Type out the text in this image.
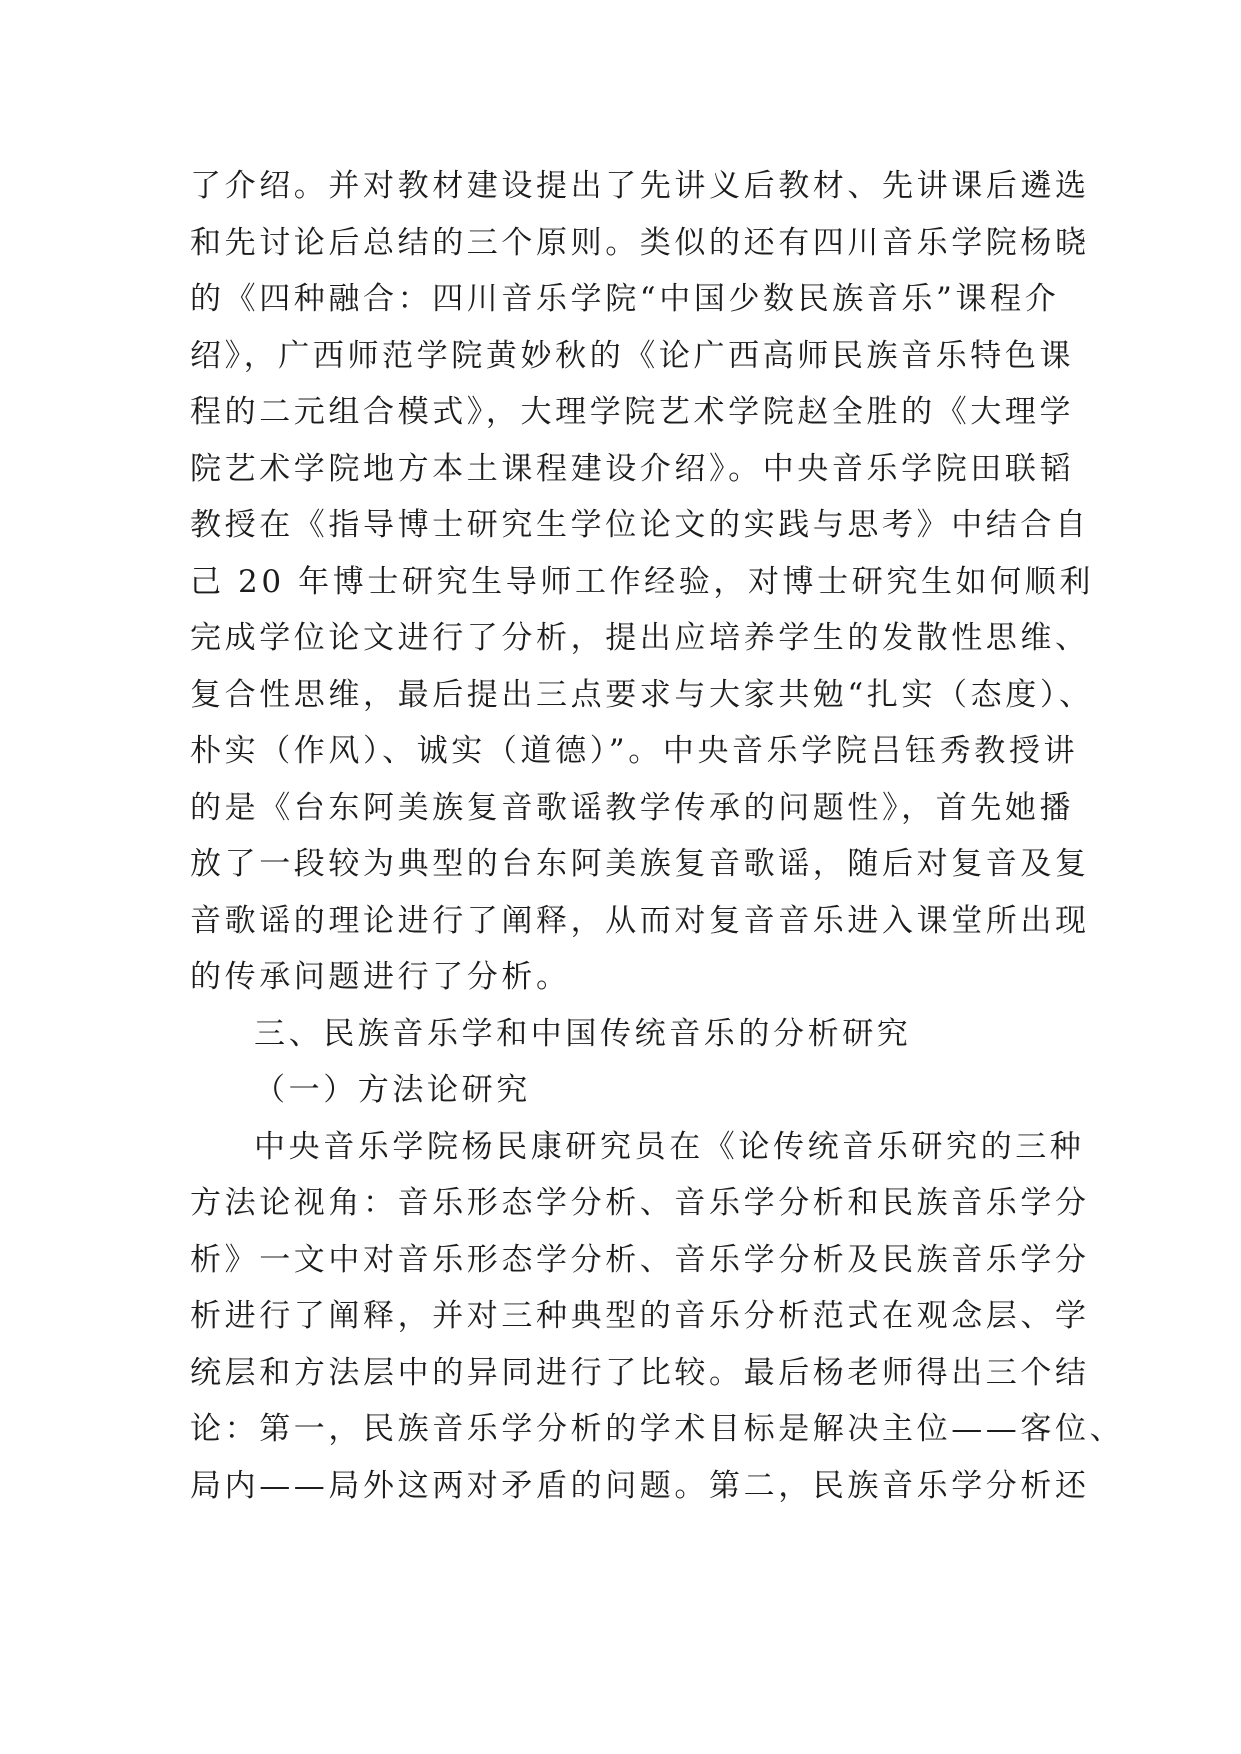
了介绍。并对教材建设提出了先讲义后教材、先讲课后遴选
和先讨论后总结的三个原则。类似的还有四川音乐学院杨晓
的《四种融合：四川音乐学院“中国少数民族音乐”课程介
绍》，广西师范学院黄妙秋的《论广西高师民族音乐特色课
程的二元组合模式》，大理学院艺术学院赵全胜的《大理学
院艺术学院地方本土课程建设介绍》。中央音乐学院田联韬
教授在《指导博士研究生学位论文的实践与思考》中结合自
己 20 年博士研究生导师工作经验，对博士研究生如何顺利
完成学位论文进行了分析，提出应培养学生的发散性思维、
复合性思维，最后提出三点要求与大家共勉“扎实（态度）、
朴实（作风）、诚实（道德）”。中央音乐学院吕钰秀教授讲
的是《台东阿美族复音歌谣教学传承的问题性》，首先她播
放了一段较为典型的台东阿美族复音歌谣，随后对复音及复
音歌谣的理论进行了阐释，从而对复音音乐进入课堂所出现
的传承问题进行了分析。
三、民族音乐学和中国传统音乐的分析研究
（一）方法论研究
中央音乐学院杨民康研究员在《论传统音乐研究的三种
方法论视角：音乐形态学分析、音乐学分析和民族音乐学分
析》一文中对音乐形态学分析、音乐学分析及民族音乐学分
析进行了阐释，并对三种典型的音乐分析范式在观念层、学
统层和方法层中的异同进行了比较。最后杨老师得出三个结
论：第一，民族音乐学分析的学术目标是解决主位——客位、
局内——局外这两对矛盾的问题。第二，民族音乐学分析还
